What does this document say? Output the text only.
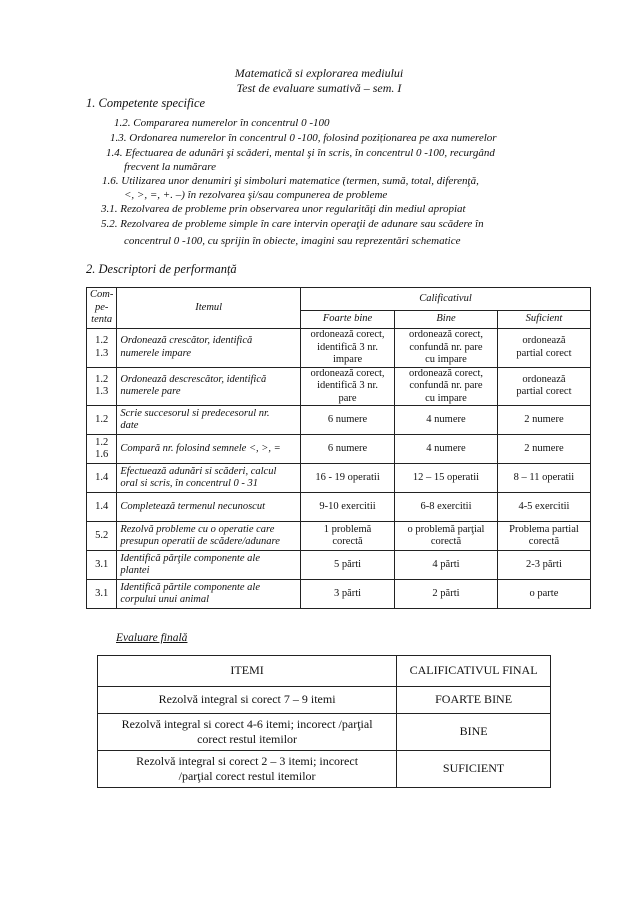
Matematică si explorarea mediului
Test de evaluare sumativă – sem. I
1. Competente specifice
1.2. Compararea numerelor în concentrul 0 -100
1.3. Ordonarea numerelor în concentrul 0 -100, folosind poziționarea pe axa numerelor
1.4. Efectuarea de adunări şi scăderi, mental şi în scris, în concentrul 0 -100, recurgând
frecvent la numărare
1.6. Utilizarea unor denumiri şi simboluri matematice (termen, sumă, total, diferenţă,
<, >, =, +. –) în rezolvarea şi/sau compunerea de probleme
3.1. Rezolvarea de probleme prin observarea unor regularităţi din mediul apropiat
5.2. Rezolvarea de probleme simple în care intervin operaţii de adunare sau scădere în
concentrul 0 -100, cu sprijin în obiecte, imagini sau reprezentări schematice
2. Descriptori de performanță
Com-
pe-
tenta	Itemul	Calificativul		
		Foarte bine	Bine	Suficient
1.2
1.3	Ordonează crescător, identifică
numerele impare	ordonează corect,
identifică 3 nr.
impare	ordonează corect,
confundă nr. pare
cu impare	ordonează
partial corect
1.2
1.3	Ordonează descrescător, identifică
numerele pare	ordonează corect,
identifică 3 nr.
pare	ordonează corect,
confundă nr. pare
cu impare	ordonează
partial corect
1.2	Scrie succesorul si predecesorul nr.
date	6 numere	4 numere	2 numere
1.2
1.6	Compară nr. folosind semnele <, >, =	6 numere	4 numere	2 numere
1.4	Efectuează adunări si scăderi, calcul
oral si scris, în concentrul 0 - 31	16 - 19 operatii	12 – 15 operatii	8 – 11 operatii
1.4	Completează termenul necunoscut	9-10 exercitii	6-8 exercitii	4-5 exercitii
5.2	Rezolvă probleme cu o operatie care
presupun operatii de scădere/adunare	1 problemă
corectă	o problemă parţial
corectă	Problema partial
corectă
3.1	Identifică părţile componente ale
plantei	5 părti	4 părti	2-3 părti
3.1	Identifică părtile componente ale
corpului unui animal	3 părti	2 părti	o parte
Evaluare finală
ITEMI	CALIFICATIVUL FINAL
Rezolvă integral si corect 7 – 9 itemi	FOARTE BINE
Rezolvă integral si corect 4-6 itemi; incorect /parţial
corect restul itemilor	BINE
Rezolvă integral si corect 2 – 3 itemi; incorect
/parţial corect restul itemilor	SUFICIENT
